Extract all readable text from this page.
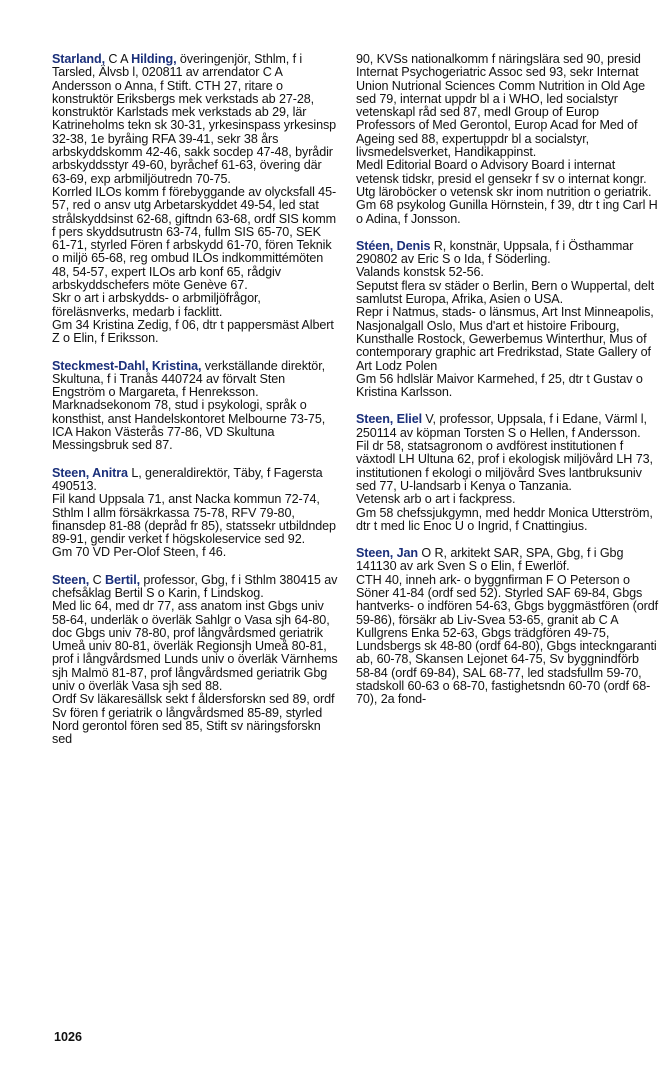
Starland, C A Hilding, överingenjör, Sthlm, f i Tarsled, Älvsb l, 020811 av arrendator C A Andersson o Anna, f Stift. CTH 27, ritare o konstruktör Eriksbergs mek verkstads ab 27-28, konstruktör Karlstads mek verkstads ab 29, lär Katrineholms tekn sk 30-31, yrkesinspass yrkesinsp 32-38, 1e byråing RFA 39-41, sekr 38 års arbskyddskomm 42-46, sakk socdep 47-48, byrådir arbskyddsstyr 49-60, byråchef 61-63, övering där 63-69, exp arbmiljöutredn 70-75.

Korrled ILOs komm f förebyggande av olycksfall 45-57, red o ansv utg Arbetarskyddet 49-54, led stat strålskyddsinst 62-68, giftndn 63-68, ordf SIS komm f pers skyddsutrustn 63-74, fullm SIS 65-70, SEK 61-71, styrled Fören f arbskydd 61-70, fören Teknik o miljö 65-68, reg ombud ILOs indkommittémöten 48, 54-57, expert ILOs arb konf 65, rådgiv arbskyddschefers möte Genève 67.

Skr o art i arbskydds- o arbmiljöfrågor, föreläsnverks, medarb i facklitt.

Gm 34 Kristina Zedig, f 06, dtr t pappersmäst Albert Z o Elin, f Eriksson.

Steckmest-Dahl, Kristina, verkställande direktör, Skultuna, f i Tranås 440724 av förvalt Sten Engström o Margareta, f Henreksson.

Marknadsekonom 78, stud i psykologi, språk o konsthist, anst Handelskontoret Melbourne 73-75, ICA Hakon Västerås 77-86, VD Skultuna Messingsbruk sed 87.

Steen, Anitra L, generaldirektör, Täby, f Fagersta 490513.

Fil kand Uppsala 71, anst Nacka kommun 72-74, Sthlm l allm försäkrkassa 75-78, RFV 79-80, finansdep 81-88 (depråd fr 85), statssekr utbildndep 89-91, gendir verket f högskoleservice sed 92.

Gm 70 VD Per-Olof Steen, f 46.

Steen, C Bertil, professor, Gbg, f i Sthlm 380415 av chefsåklag Bertil S o Karin, f Lindskog.

Med lic 64, med dr 77, ass anatom inst Gbgs univ 58-64, underläk o överläk Sahlgr o Vasa sjh 64-80, doc Gbgs univ 78-80, prof långvårdsmed geriatrik Umeå univ 80-81, överläk Regionsjh Umeå 80-81, prof i långvårdsmed Lunds univ o överläk Värnhems sjh Malmö 81-87, prof långvårdsmed geriatrik Gbg univ o överläk Vasa sjh sed 88.

Ordf Sv läkaresällsk sekt f åldersforskn sed 89, ordf Sv fören f geriatrik o långvårdsmed 85-89, styrled Nord gerontol fören sed 85, Stift sv näringsforskn sed

90, KVSs nationalkomm f näringslära sed 90, presid Internat Psychogeriatric Assoc sed 93, sekr Internat Union Nutrional Sciences Comm Nutrition in Old Age sed 79, internat uppdr bl a i WHO, led socialstyr vetenskapl råd sed 87, medl Group of Europ Professors of Med Gerontol, Europ Acad for Med of Ageing sed 88, expertuppdr bl a socialstyr, livsmedelsverket, Handikappinst.

Medl Editorial Board o Advisory Board i internat vetensk tidskr, presid el gensekr f sv o internat kongr.

Utg läroböcker o vetensk skr inom nutrition o geriatrik.

Gm 68 psykolog Gunilla Hörnstein, f 39, dtr t ing Carl H o Adina, f Jonsson.

Stéen, Denis R, konstnär, Uppsala, f i Östhammar 290802 av Eric S o Ida, f Söderling.

Valands konstsk 52-56.

Seputst flera sv städer o Berlin, Bern o Wuppertal, delt samlutst Europa, Afrika, Asien o USA.

Repr i Natmus, stads- o länsmus, Art Inst Minneapolis, Nasjonalgall Oslo, Mus d'art et histoire Fribourg, Kunsthalle Rostock, Gewerbemus Winterthur, Mus of contemporary graphic art Fredrikstad, State Gallery of Art Lodz Polen

Gm 56 hdlslär Maivor Karmehed, f 25, dtr t Gustav o Kristina Karlsson.

Steen, Eliel V, professor, Uppsala, f i Edane, Värml l, 250114 av köpman Torsten S o Hellen, f Andersson.

Fil dr 58, statsagronom o avdförest institutionen f växtodl LH Ultuna 62, prof i ekologisk miljövård LH 73, institutionen f ekologi o miljövård Sves lantbruksuniv sed 77, U-landsarb i Kenya o Tanzania.

Vetensk arb o art i fackpress.

Gm 58 chefssjukgymn, med heddr Monica Utterström, dtr t med lic Enoc U o Ingrid, f Cnattingius.

Steen, Jan O R, arkitekt SAR, SPA, Gbg, f i Gbg 141130 av ark Sven S o Elin, f Ewerlöf.

CTH 40, inneh ark- o byggnfirman F O Peterson o Söner 41-84 (ordf sed 52). Styrled SAF 69-84, Gbgs hantverks- o indfören 54-63, Gbgs byggmästfören (ordf 59-86), försäkr ab Liv-Svea 53-65, granit ab C A Kullgrens Enka 52-63, Gbgs trädgfören 49-75, Lundsbergs sk 48-80 (ordf 64-80), Gbgs inteckngaranti ab, 60-78, Skansen Lejonet 64-75, Sv byggnindförb 58-84 (ordf 69-84), SAL 68-77, led stadsfullm 59-70, stadskoll 60-63 o 68-70, fastighetsndn 60-70 (ordf 68-70), 2a fond-

1026
